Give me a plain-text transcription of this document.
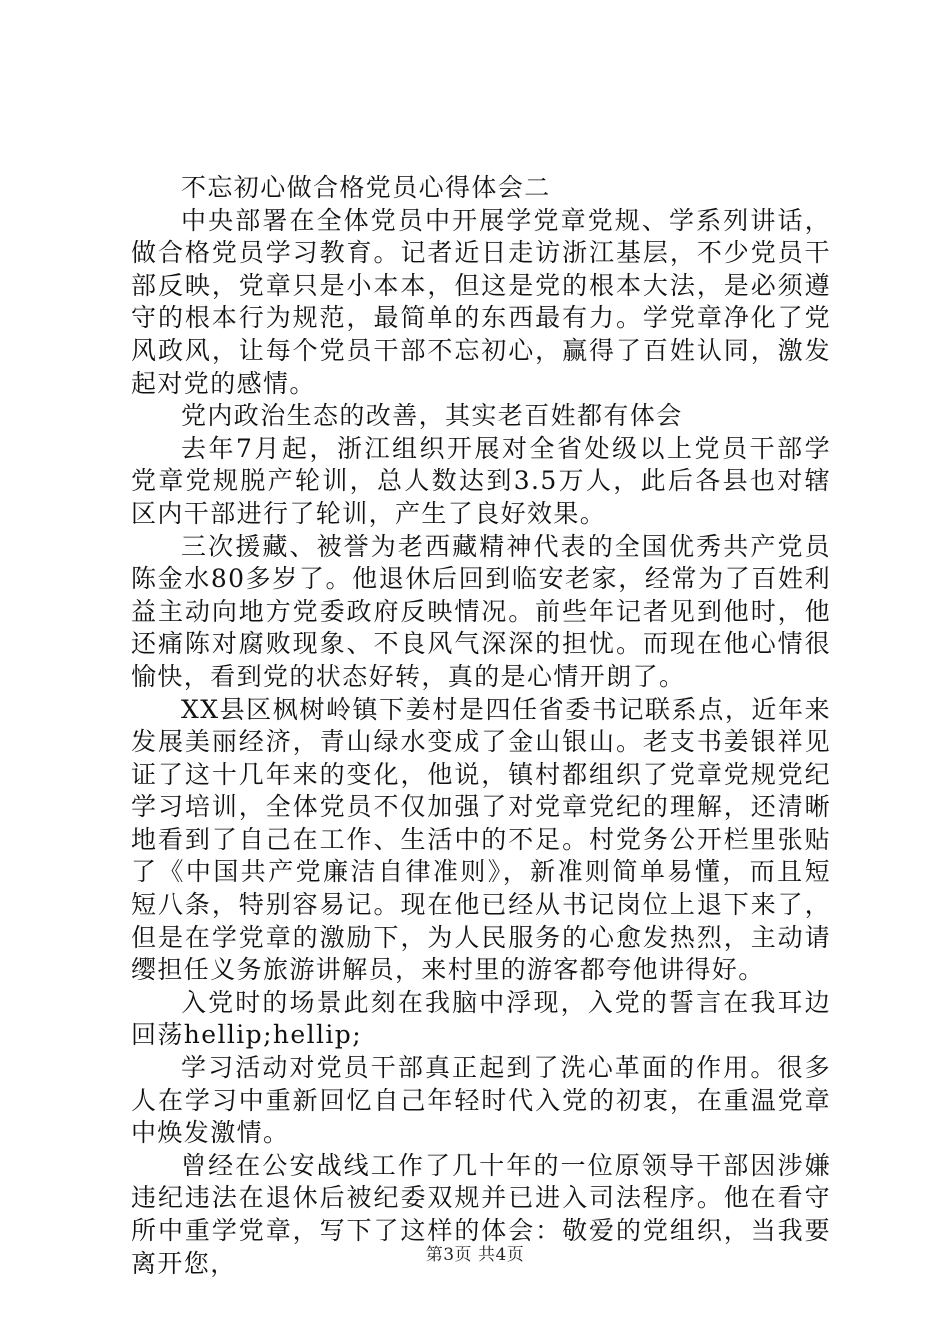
不忘初心做合格党员心得体会二

中央部署在全体党员中开展学党章党规、学系列讲话，做合格党员学习教育。记者近日走访浙江基层，不少党员干部反映，党章只是小本本，但这是党的根本大法，是必须遵守的根本行为规范，最简单的东西最有力。学党章净化了党风政风，让每个党员干部不忘初心，赢得了百姓认同，激发起对党的感情。

党内政治生态的改善，其实老百姓都有体会

去年7月起，浙江组织开展对全省处级以上党员干部学党章党规脱产轮训，总人数达到3.5万人，此后各县也对辖区内干部进行了轮训，产生了良好效果。

三次援藏、被誉为老西藏精神代表的全国优秀共产党员陈金水80多岁了。他退休后回到临安老家，经常为了百姓利益主动向地方党委政府反映情况。前些年记者见到他时，他还痛陈对腐败现象、不良风气深深的担忧。而现在他心情很愉快，看到党的状态好转，真的是心情开朗了。

XX县区枫树岭镇下姜村是四任省委书记联系点，近年来发展美丽经济，青山绿水变成了金山银山。老支书姜银祥见证了这十几年来的变化，他说，镇村都组织了党章党规党纪学习培训，全体党员不仅加强了对党章党纪的理解，还清晰地看到了自己在工作、生活中的不足。村党务公开栏里张贴了《中国共产党廉洁自律准则》，新准则简单易懂，而且短短八条，特别容易记。现在他已经从书记岗位上退下来了，但是在学党章的激励下，为人民服务的心愈发热烈，主动请缨担任义务旅游讲解员，来村里的游客都夸他讲得好。

入党时的场景此刻在我脑中浮现，入党的誓言在我耳边回荡hellip;hellip;

学习活动对党员干部真正起到了洗心革面的作用。很多人在学习中重新回忆自己年轻时代入党的初衷，在重温党章中焕发激情。

曾经在公安战线工作了几十年的一位原领导干部因涉嫌违纪违法在退休后被纪委双规并已进入司法程序。他在看守所中重学党章，写下了这样的体会：敬爱的党组织，当我要离开您，	第3页 共4页
